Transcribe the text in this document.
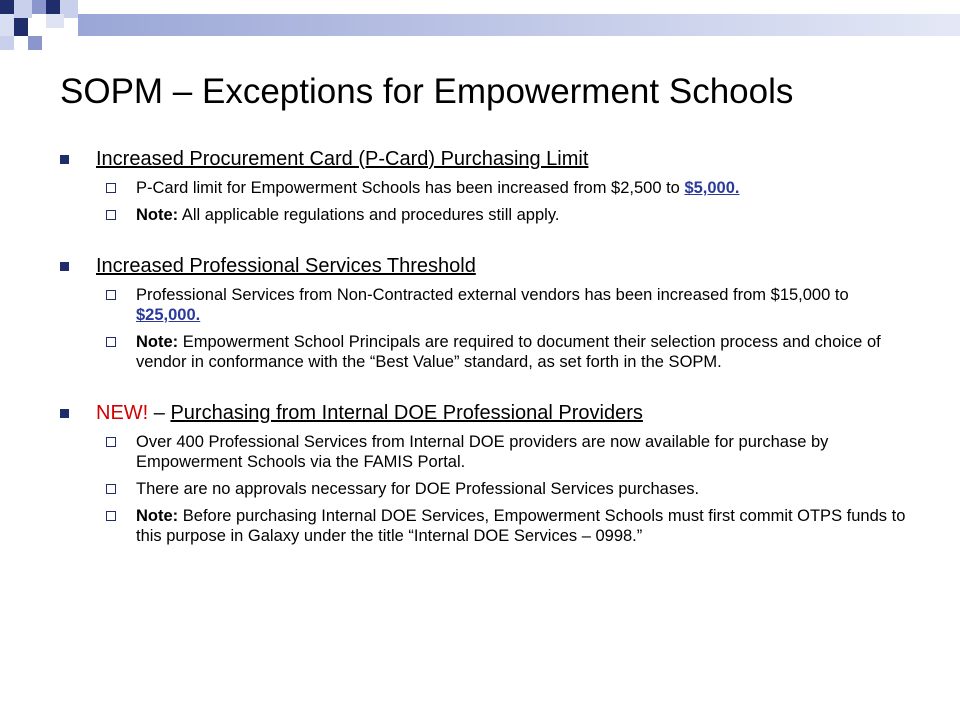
SOPM – Exceptions for Empowerment Schools
Increased Procurement Card (P-Card) Purchasing Limit
P-Card limit for Empowerment Schools has been increased from $2,500 to $5,000.
Note: All applicable regulations and procedures still apply.
Increased Professional Services Threshold
Professional Services from Non-Contracted external vendors has been increased from $15,000 to $25,000.
Note: Empowerment School Principals are required to document their selection process and choice of vendor in conformance with the “Best Value” standard, as set forth in the SOPM.
NEW! – Purchasing from Internal DOE Professional Providers
Over 400 Professional Services from Internal DOE providers are now available for purchase by Empowerment Schools via the FAMIS Portal.
There are no approvals necessary for DOE Professional Services purchases.
Note: Before purchasing Internal DOE Services, Empowerment Schools must first commit OTPS funds to this purpose in Galaxy under the title “Internal DOE Services – 0998.”
